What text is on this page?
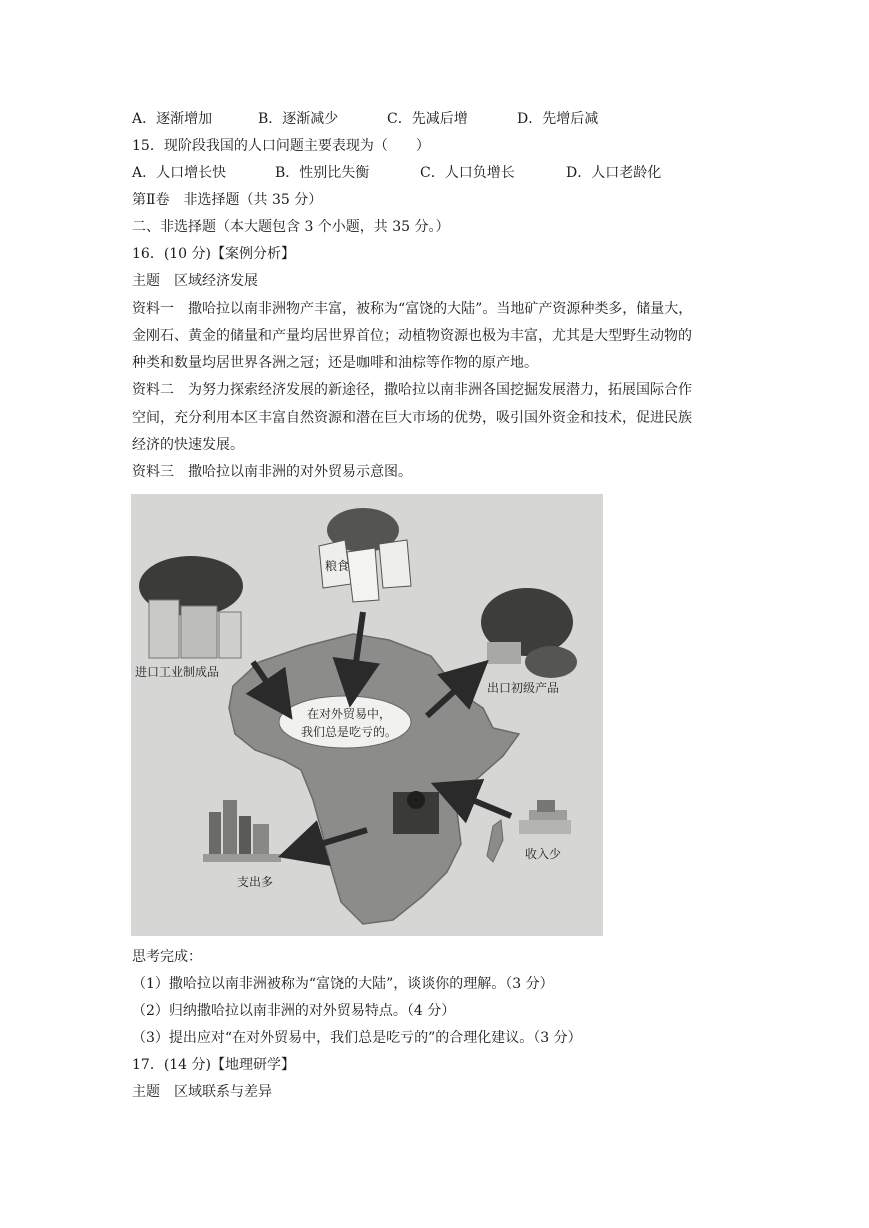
A．逐渐增加	B．逐渐减少	C．先减后增	D．先增后减
15．现阶段我国的人口问题主要表现为（　　）
A．人口增长快	B．性别比失衡	C．人口负增长	D．人口老龄化
第Ⅱ卷　非选择题（共 35 分）
二、非选择题（本大题包含 3 个小题，共 35 分。）
16．(10 分)【案例分析】
主题　区域经济发展
资料一　撒哈拉以南非洲物产丰富，被称为“富饶的大陆”。当地矿产资源种类多，储量大，
金刚石、黄金的储量和产量均居世界首位；动植物资源也极为丰富，尤其是大型野生动物的
种类和数量均居世界各洲之冠；还是咖啡和油棕等作物的原产地。
资料二　为努力探索经济发展的新途径，撒哈拉以南非洲各国挖掘发展潜力，拓展国际合作
空间，充分利用本区丰富自然资源和潜在巨大市场的优势，吸引国外资金和技术，促进民族
经济的快速发展。
资料三　撒哈拉以南非洲的对外贸易示意图。
进口工业制成品
粮食
出口初级产品
在对外贸易中，
我们总是吃亏的。
支出多
收入少
思考完成：
（1）撒哈拉以南非洲被称为“富饶的大陆”，谈谈你的理解。（3 分）
（2）归纳撒哈拉以南非洲的对外贸易特点。（4 分）
（3）提出应对“在对外贸易中，我们总是吃亏的”的合理化建议。（3 分）
17．(14 分)【地理研学】
主题　区域联系与差异
